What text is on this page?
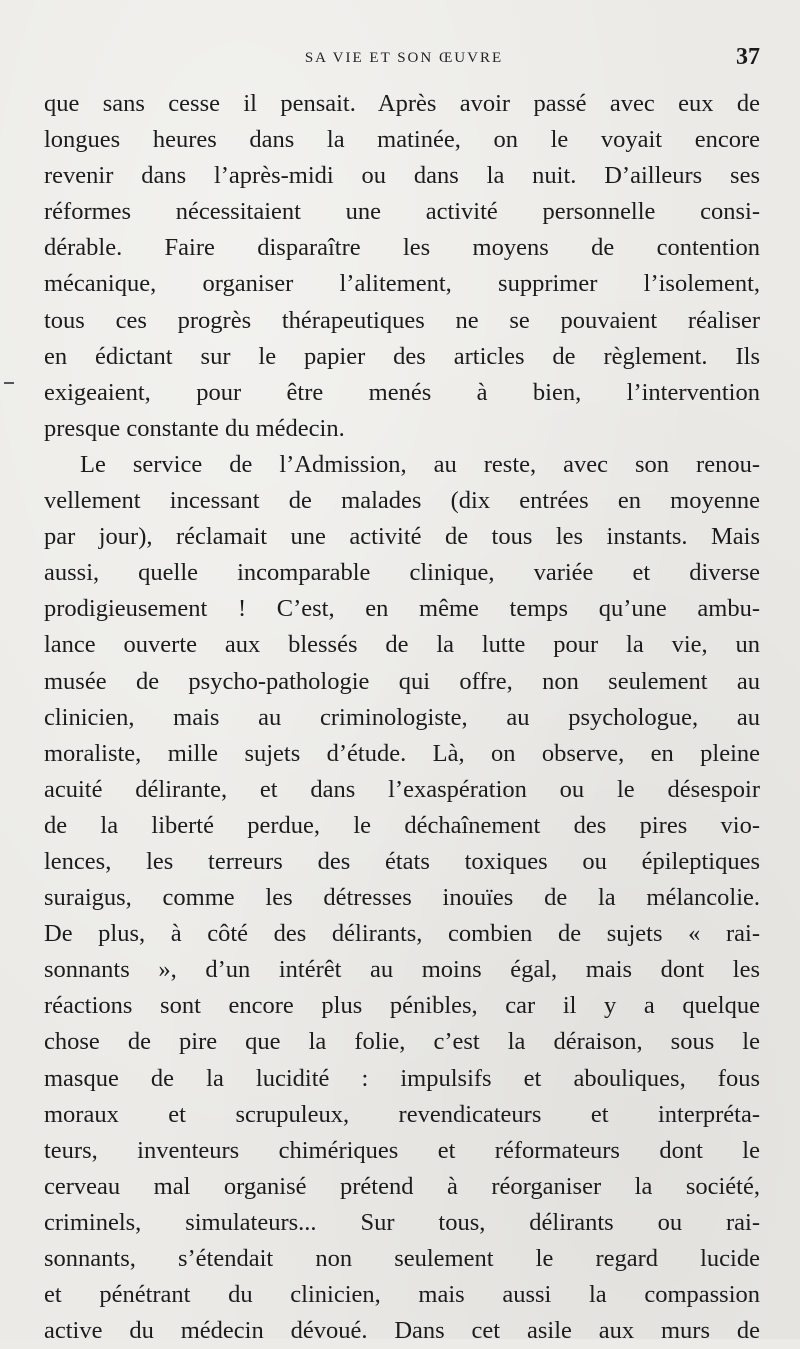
SA VIE ET SON ŒUVRE	37
que sans cesse il pensait. Après avoir passé avec eux de
longues heures dans la matinée, on le voyait encore
revenir dans l’après-midi ou dans la nuit. D’ailleurs ses
réformes nécessitaient une activité personnelle consi-
dérable. Faire disparaître les moyens de contention
mécanique, organiser l’alitement, supprimer l’isolement,
tous ces progrès thérapeutiques ne se pouvaient réaliser
en édictant sur le papier des articles de règlement. Ils
exigeaient, pour être menés à bien, l’intervention
presque constante du médecin.
Le service de l’Admission, au reste, avec son renou-
vellement incessant de malades (dix entrées en moyenne
par jour), réclamait une activité de tous les instants. Mais
aussi, quelle incomparable clinique, variée et diverse
prodigieusement ! C’est, en même temps qu’une ambu-
lance ouverte aux blessés de la lutte pour la vie, un
musée de psycho-pathologie qui offre, non seulement au
clinicien, mais au criminologiste, au psychologue, au
moraliste, mille sujets d’étude. Là, on observe, en pleine
acuité délirante, et dans l’exaspération ou le désespoir
de la liberté perdue, le déchaînement des pires vio-
lences, les terreurs des états toxiques ou épileptiques
suraigus, comme les détresses inouïes de la mélancolie.
De plus, à côté des délirants, combien de sujets « rai-
sonnants », d’un intérêt au moins égal, mais dont les
réactions sont encore plus pénibles, car il y a quelque
chose de pire que la folie, c’est la déraison, sous le
masque de la lucidité : impulsifs et abouliques, fous
moraux et scrupuleux, revendicateurs et interpréta-
teurs, inventeurs chimériques et réformateurs dont le
cerveau mal organisé prétend à réorganiser la société,
criminels, simulateurs... Sur tous, délirants ou rai-
sonnants, s’étendait non seulement le regard lucide
et pénétrant du clinicien, mais aussi la compassion
active du médecin dévoué. Dans cet asile aux murs de
